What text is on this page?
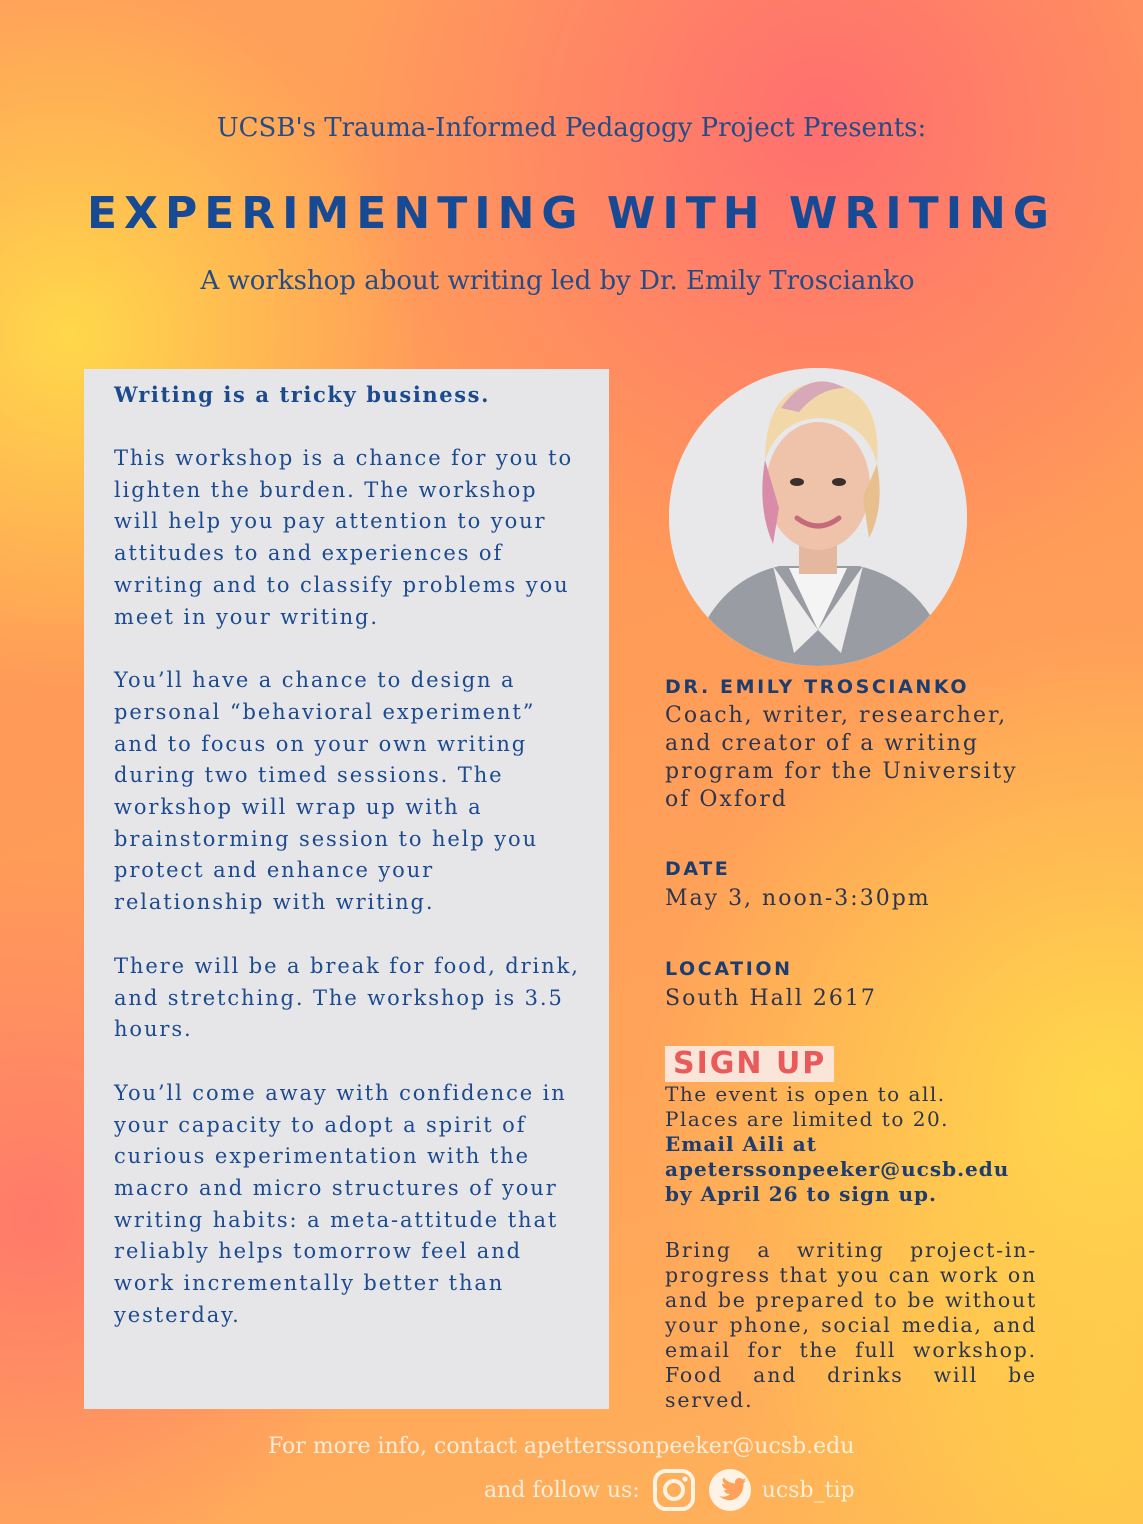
UCSB's Trauma-Informed Pedagogy Project Presents:
EXPERIMENTING WITH WRITING
A workshop about writing led by Dr. Emily Troscianko
Writing is a tricky business.

This workshop is a chance for you to lighten the burden. The workshop will help you pay attention to your attitudes to and experiences of writing and to classify problems you meet in your writing.

You’ll have a chance to design a personal “behavioral experiment” and to focus on your own writing during two timed sessions. The workshop will wrap up with a brainstorming session to help you protect and enhance your relationship with writing.

There will be a break for food, drink, and stretching. The workshop is 3.5 hours.

You’ll come away with confidence in your capacity to adopt a spirit of curious experimentation with the macro and micro structures of your writing habits: a meta-attitude that reliably helps tomorrow feel and work incrementally better than yesterday.

DR. EMILY TROSCIANKO
Coach, writer, researcher, and creator of a writing program for the University of Oxford
DATE
May 3, noon-3:30pm
LOCATION
South Hall 2617
SIGN UP
The event is open to all.
Places are limited to 20.
Email Aili at
apeterssonpeeker@ucsb.edu
by April 26 to sign up.
Bring a writing project-in-progress that you can work on and be prepared to be without your phone, social media, and email for the full workshop. Food and drinks will be served.
For more info, contact apetterssonpeeker@ucsb.edu
and follow us:	ucsb_tip
